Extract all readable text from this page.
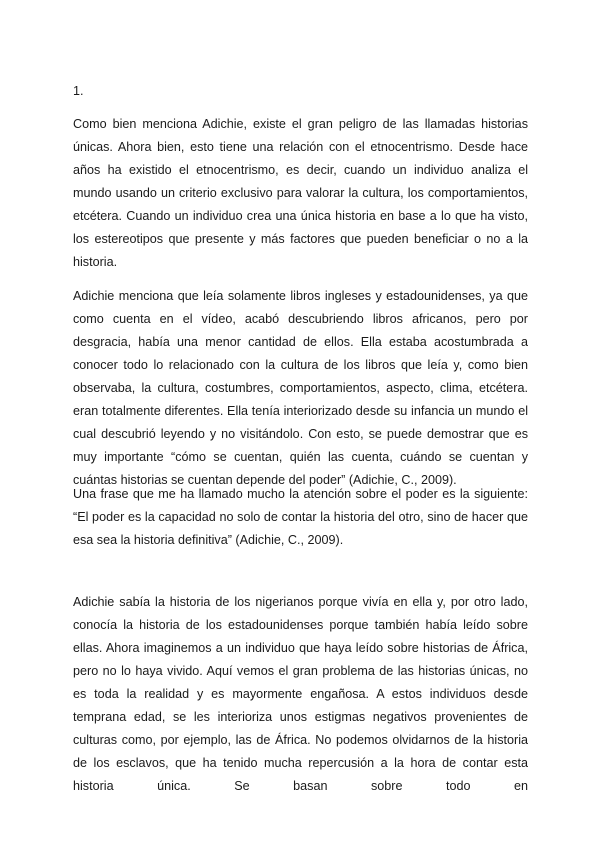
1.
Como bien menciona Adichie, existe el gran peligro de las llamadas historias únicas. Ahora bien, esto tiene una relación con el etnocentrismo. Desde hace años ha existido el etnocentrismo, es decir, cuando un individuo analiza el mundo usando un criterio exclusivo para valorar la cultura, los comportamientos, etcétera. Cuando un individuo crea una única historia en base a lo que ha visto, los estereotipos que presente y más factores que pueden beneficiar o no a la historia.
Adichie menciona que leía solamente libros ingleses y estadounidenses, ya que como cuenta en el vídeo, acabó descubriendo libros africanos, pero por desgracia, había una menor cantidad de ellos. Ella estaba acostumbrada a conocer todo lo relacionado con la cultura de los libros que leía y, como bien observaba, la cultura, costumbres, comportamientos, aspecto, clima, etcétera. eran totalmente diferentes. Ella tenía interiorizado desde su infancia un mundo el cual descubrió leyendo y no visitándolo. Con esto, se puede demostrar que es muy importante “cómo se cuentan, quién las cuenta, cuándo se cuentan y cuántas historias se cuentan depende del poder” (Adichie, C., 2009).
Una frase que me ha llamado mucho la atención sobre el poder es la siguiente: “El poder es la capacidad no solo de contar la historia del otro, sino de hacer que esa sea la historia definitiva” (Adichie, C., 2009).
Adichie sabía la historia de los nigerianos porque vivía en ella y, por otro lado, conocía la historia de los estadounidenses porque también había leído sobre ellas. Ahora imaginemos a un individuo que haya leído sobre historias de África, pero no lo haya vivido. Aquí vemos el gran problema de las historias únicas, no es toda la realidad y es mayormente engañosa. A estos individuos desde temprana edad, se les interioriza unos estigmas negativos provenientes de culturas como, por ejemplo, las de África. No podemos olvidarnos de la historia de los esclavos, que ha tenido mucha repercusión a la hora de contar esta historia única. Se basan sobre todo en
